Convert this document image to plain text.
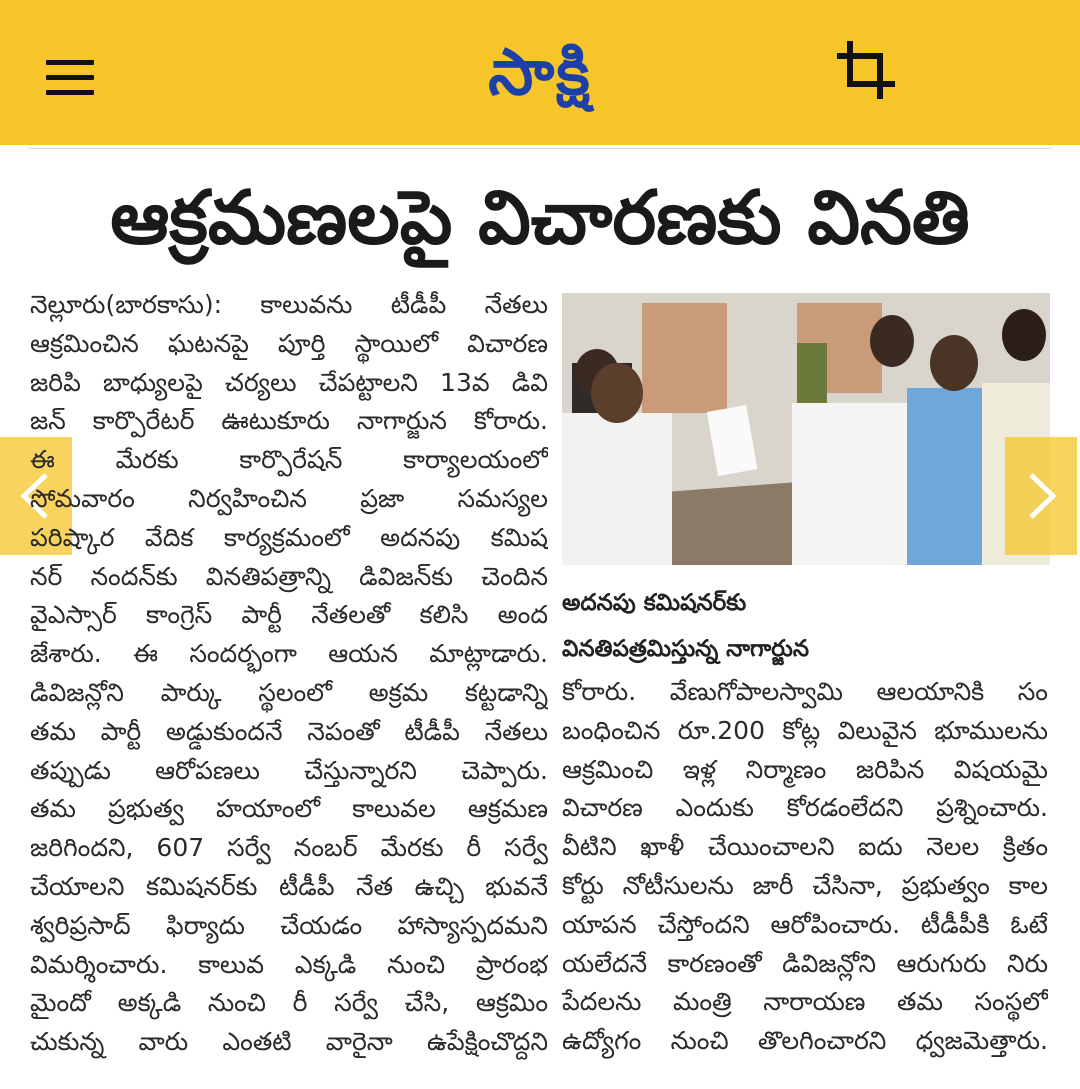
సాక్షి
ఆక్రమణలపై విచారణకు వినతి
నెల్లూరు(బారకాసు): కాలువను టీడీపీ నేతలు
ఆక్రమించిన ఘటనపై పూర్తి స్థాయిలో విచారణ
జరిపి బాధ్యులపై చర్యలు చేపట్టాలని 13వ డివి
జన్ కార్పొరేటర్ ఊటుకూరు నాగార్జున కోరారు.
ఈ మేరకు కార్పొరేషన్ కార్యాలయంలో
సోమవారం నిర్వహించిన ప్రజా సమస్యల
పరిష్కార వేదిక కార్యక్రమంలో అదనపు కమిష
నర్ నందన్‌కు వినతిపత్రాన్ని డివిజన్‌కు చెందిన
వైఎస్సార్ కాంగ్రెస్ పార్టీ నేతలతో కలిసి అంద
జేశారు. ఈ సందర్భంగా ఆయన మాట్లాడారు.
డివిజన్లోని పార్కు స్థలంలో అక్రమ కట్టడాన్ని
తమ పార్టీ అడ్డుకుందనే నెపంతో టీడీపీ నేతలు
తప్పుడు ఆరోపణలు చేస్తున్నారని చెప్పారు.
తమ ప్రభుత్వ హయాంలో కాలువల ఆక్రమణ
జరిగిందని, 607 సర్వే నంబర్ మేరకు రీ సర్వే
చేయాలని కమిషనర్‌కు టీడీపీ నేత ఉచ్చి భువనే
శ్వరిప్రసాద్ ఫిర్యాదు చేయడం హాస్యాస్పదమని
విమర్శించారు. కాలువ ఎక్కడి నుంచి ప్రారంభ
మైందో అక్కడి నుంచి రీ సర్వే చేసి, ఆక్రమిం
చుకున్న వారు ఎంతటి వారైనా ఉపేక్షించొద్దని
అదనపు కమిషనర్‌కు
వినతిపత్రమిస్తున్న నాగార్జున
కోరారు. వేణుగోపాలస్వామి ఆలయానికి సం
బంధించిన రూ.200 కోట్ల విలువైన భూములను
ఆక్రమించి ఇళ్ల నిర్మాణం జరిపిన విషయమై
విచారణ ఎందుకు కోరడంలేదని ప్రశ్నించారు.
వీటిని ఖాళీ చేయించాలని ఐదు నెలల క్రితం
కోర్టు నోటీసులను జారీ చేసినా, ప్రభుత్వం కాల
యాపన చేస్తోందని ఆరోపించారు. టీడీపీకి ఓటే
యలేదనే కారణంతో డివిజన్లోని ఆరుగురు నిరు
పేదలను మంత్రి నారాయణ తమ సంస్థలో
ఉద్యోగం నుంచి తొలగించారని ధ్వజమెత్తారు.
